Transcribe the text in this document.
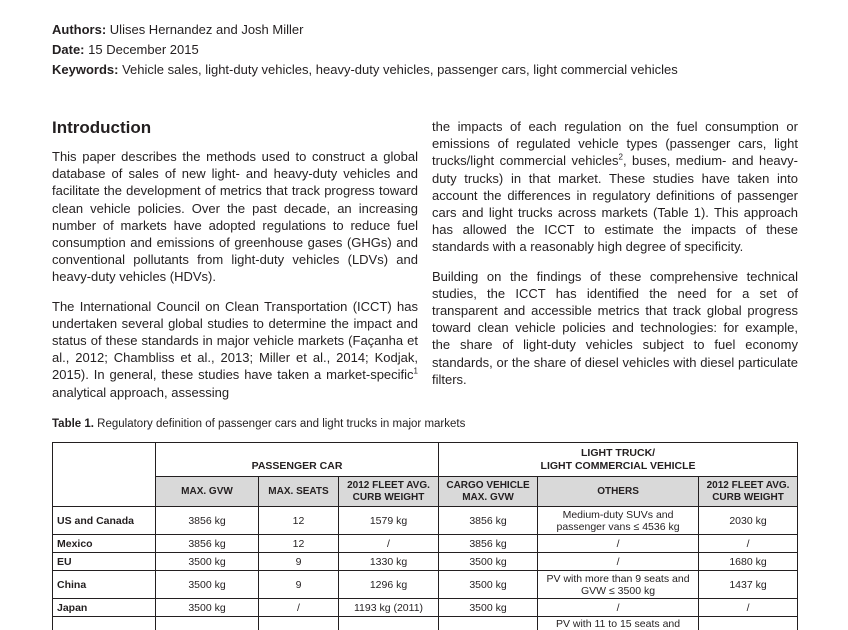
Authors: Ulises Hernandez and Josh Miller
Date: 15 December 2015
Keywords: Vehicle sales, light-duty vehicles, heavy-duty vehicles, passenger cars, light commercial vehicles
Introduction

This paper describes the methods used to construct a global database of sales of new light- and heavy-duty vehicles and facilitate the development of metrics that track progress toward clean vehicle policies. Over the past decade, an increasing number of markets have adopted regulations to reduce fuel consumption and emissions of greenhouse gases (GHGs) and conventional pollutants from light-duty vehicles (LDVs) and heavy-duty vehicles (HDVs).

The International Council on Clean Transportation (ICCT) has undertaken several global studies to determine the impact and status of these standards in major vehicle markets (Façanha et al., 2012; Chambliss et al., 2013; Miller et al., 2014; Kodjak, 2015). In general, these studies have taken a market-specific$^1$ analytical approach, assessing

the impacts of each regulation on the fuel consumption or emissions of regulated vehicle types (passenger cars, light trucks/light commercial vehicles$^2$, buses, medium- and heavy-duty trucks) in that market. These studies have taken into account the differences in regulatory definitions of passenger cars and light trucks across markets (Table 1). This approach has allowed the ICCT to estimate the impacts of these standards with a reasonably high degree of specificity.

Building on the findings of these comprehensive technical studies, the ICCT has identified the need for a set of transparent and accessible metrics that track global progress toward clean vehicle policies and technologies: for example, the share of light-duty vehicles subject to fuel economy standards, or the share of diesel vehicles with diesel particulate filters.

Table 1. Regulatory definition of passenger cars and light trucks in major markets
	PASSENGER CAR			LIGHT TRUCK/
LIGHT COMMERCIAL VEHICLE		
	MAX. GVW	MAX. SEATS	2012 FLEET AVG. CURB WEIGHT	CARGO VEHICLE MAX. GVW	OTHERS	2012 FLEET AVG. CURB WEIGHT
US and Canada	3856 kg	12	1579 kg	3856 kg	Medium-duty SUVs and passenger vans ≤ 4536 kg	2030 kg
Mexico	3856 kg	12	/	3856 kg	/	/
EU	3500 kg	9	1330 kg	3500 kg	/	1680 kg
China	3500 kg	9	1296 kg	3500 kg	PV with more than 9 seats and GVW ≤ 3500 kg	1437 kg
Japan	3500 kg	/	1193 kg (2011)	3500 kg	/	/
					PV with 11 to 15 seats and	
